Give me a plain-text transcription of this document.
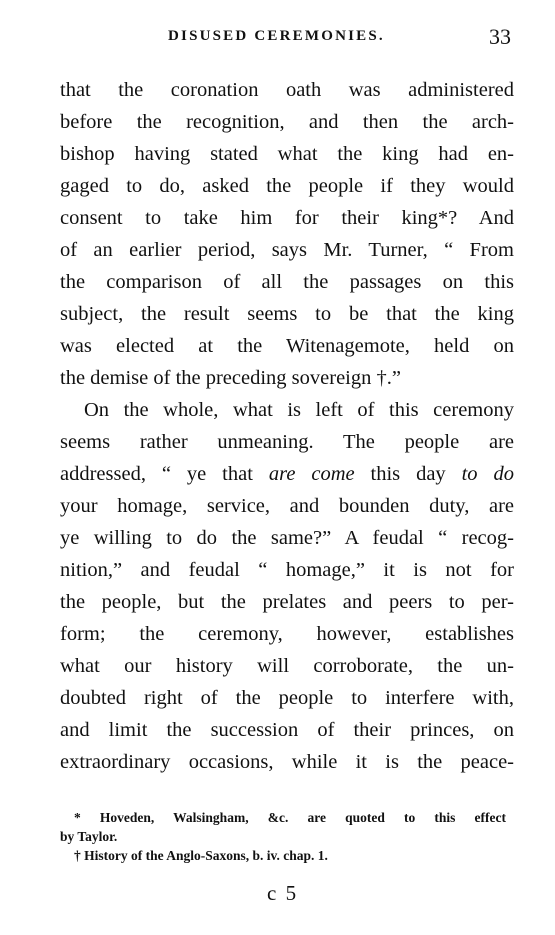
DISUSED CEREMONIES.	33
that the coronation oath was administered
before the recognition, and then the arch-
bishop having stated what the king had en-
gaged to do, asked the people if they would
consent to take him for their king*? And
of an earlier period, says Mr. Turner, “ From
the comparison of all the passages on this
subject, the result seems to be that the king
was elected at the Witenagemote, held on
the demise of the preceding sovereign †.”
On the whole, what is left of this ceremony
seems rather unmeaning. The people are
addressed, “ ye that are come this day to do
your homage, service, and bounden duty, are
ye willing to do the same?” A feudal “ recog-
nition,” and feudal “ homage,” it is not for
the people, but the prelates and peers to per-
form; the ceremony, however, establishes
what our history will corroborate, the un-
doubted right of the people to interfere with,
and limit the succession of their princes, on
extraordinary occasions, while it is the peace-
* Hoveden, Walsingham, &c. are quoted to this effect
by Taylor.
† History of the Anglo-Saxons, b. iv. chap. 1.
c 5
